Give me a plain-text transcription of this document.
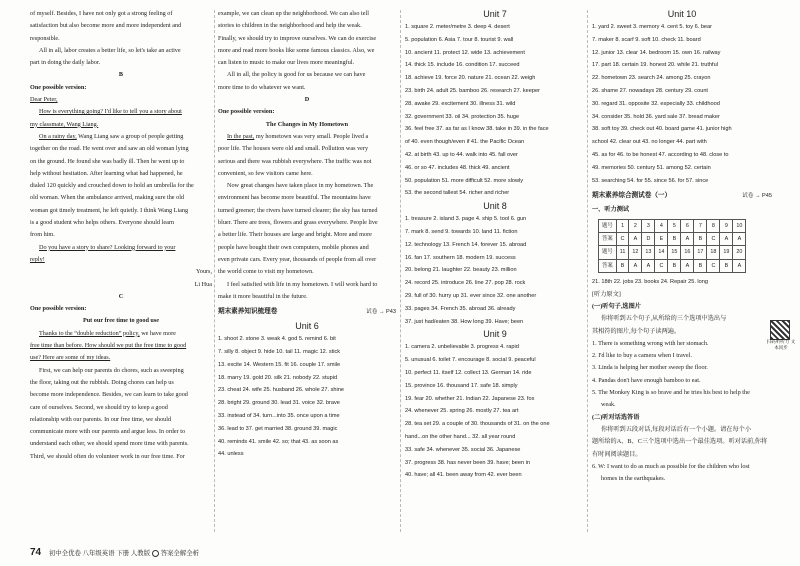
of myself. Besides, I have not only got a strong feeling of

satisfaction but also become more and more independent and

responsible.

All in all, labor creates a better life, so let's take an active

part in doing the daily labor.

B

One possible version:

Dear Peter,

How is everything going? I'd like to tell you a story about

my classmate, Wang Liang.

On a rainy day, Wang Liang saw a group of people getting

together on the road. He went over and saw an old woman lying

on the ground. He found she was badly ill. Then he went up to

help without hesitation. After learning what had happened, he

dialed 120 quickly and crouched down to hold an umbrella for the

old woman. When the ambulance arrived, making sure the old

woman got timely treatment, he left quietly. I think Wang Liang

is a good student who helps others. Everyone should learn

from him.

Do you have a story to share? Looking forward to your

reply!

Yours,

Li Hua

C

One possible version:

Put our free time to good use

Thanks to the “double reduction” policy, we have more

free time than before. How should we put the free time to good

use? Here are some of my ideas.

First, we can help our parents do chores, such as sweeping

the floor, taking out the rubbish. Doing chores can help us

become more independence. Besides, we can learn to take good

care of ourselves. Second, we should try to keep a good

relationship with our parents. In our free time, we should

communicate more with our parents and argue less. In order to

understand each other, we should spend more time with parents.

Third, we should often do volunteer work in our free time. For

example, we can clean up the neighborhood. We can also tell

stories to children in the neighborhood and help the weak.

Finally, we should try to improve ourselves. We can do exercise

more and read more books like some famous classics. Also, we

can listen to music to make our lives more meaningful.

All in all, the policy is good for us because we can have

more time to do whatever we want.

D

One possible version:

The Changes in My Hometown

In the past, my hometown was very small. People lived a

poor life. The houses were old and small. Pollution was very

serious and there was rubbish everywhere. The traffic was not

convenient, so few visitors came here.

Now great changes have taken place in my hometown. The

environment has become more beautiful. The mountains have

turned greener; the rivers have turned clearer; the sky has turned

bluer. There are trees, flowers and grass everywhere. People live

a better life. Their houses are large and bright. More and more

people have bought their own computers, mobile phones and

even private cars. Every year, thousands of people from all over

the world come to visit my hometown.

I feel satisfied with life in my hometown. I will work hard to

make it more beautiful in the future.

期末素养知识梳理卷	试卷 → P43

Unit 6

1. shoot 2. stone 3. weak 4. god 5. remind 6. bit

7. silly 8. object 9. hide 10. tail 11. magic 12. stick

13. excite 14. Western 15. fit 16. couple 17. smile

18. marry 19. gold 20. silk 21. nobody 22. stupid

23. cheat 24. wife 25. husband 26. whole 27. shine

28. bright 29. ground 30. lead 31. voice 32. brave

33. instead of 34. turn...into 35. once upon a time

36. lead to 37. get married 38. ground 39. magic

40. reminds 41. smile 42. so; that 43. as soon as

44. unless

Unit 7

1. square 2. meter/metre 3. deep 4. desert

5. population 6. Asia 7. tour 8. tourist 9. wall

10. ancient 11. protect 12. wide 13. achievement

14. thick 15. include 16. condition 17. succeed

18. achieve 19. force 20. nature 21. ocean 22. weigh

23. birth 24. adult 25. bamboo 26. research 27. keeper

28. awake 29. excitement 30. illness 31. wild

32. government 33. oil 34. protection 35. huge

36. feel free 37. as far as I know 38. take in 39. in the face

of 40. even though/even if 41. the Pacific Ocean

42. at birth 43. up to 44. walk into 45. fall over

46. or so 47. includes 48. thick 49. ancient

50. population 51. more difficult 52. more slowly

53. the second tallest 54. richer and richer

Unit 8

1. treasure 2. island 3. page 4. ship 5. tool 6. gun

7. mark 8. send 9. towards 10. land 11. fiction

12. technology 13. French 14. forever 15. abroad

16. fan 17. southern 18. modern 19. success

20. belong 21. laughter 22. beauty 23. million

24. record 25. introduce 26. line 27. pop 28. rock

29. full of 30. hurry up 31. ever since 32. one another

33. pages 34. French 35. abroad 36. already

37. just had/eaten 38. How long 39. Have; been

Unit 9

1. camera 2. unbelievable 3. progress 4. rapid

5. unusual 6. toilet 7. encourage 8. social 9. peaceful

10. perfect 11. itself 12. collect 13. German 14. ride

15. province 16. thousand 17. safe 18. simply

19. fear 20. whether 21. Indian 22. Japanese 23. fox

24. whenever 25. spring 26. mostly 27. tea art

28. tea set 29. a couple of 30. thousands of 31. on the one

hand...on the other hand... 32. all year round

33. safe 34. whenever 35. social 36. Japanese

37. progress 38. has never been 39. have; been in

40. have; all 41. been away from 42. ever been

Unit 10

1. yard 2. sweet 3. memory 4. cent 5. toy 6. bear

7. maker 8. scarf 9. soft 10. check 11. board

12. junior 13. clear 14. bedroom 15. own 16. railway

17. part 18. certain 19. honest 20. while 21. truthful

22. hometown 23. search 24. among 25. crayon

26. shame 27. nowadays 28. century 29. count

30. regard 31. opposite 32. especially 33. childhood

34. consider 35. hold 36. yard sale 37. bread maker

38. soft toy 39. check out 40. board game 41. junior high

school 42. clear out 43. no longer 44. part with

45. as for 46. to be honest 47. according to 48. close to

49. memories 50. century 51. among 52. certain

53. searching 54. for 55. since 56. for 57. since

期末素养综合测试卷（一）	试卷 → P45

一、听力测试

题号	1	2	3	4	5	6	7	8	9	10
答案	C	A	D	E	B	A	B	C	A	A
题号	11	12	13	14	15	16	17	18	19	20
答案	B	A	A	C	B	A	B	C	B	A

21. 18th 22. jobs 23. books 24. Repair 25. long

[听力原文]

(一)听句子,选图片

你将听到五个句子,从所给的三个选项中选出与

其相符的图片,每个句子读两遍。

1. There is something wrong with her stomach.

2. I'd like to buy a camera when I travel.

3. Linda is helping her mother sweep the floor.

4. Pandas don't have enough bamboo to eat.

5. The Monkey King is so brave and he tries his best to help the

weak.

(二)听对话选答语

你将听到五段对话,每段对话后有一个小题。请在每个小

题所给的A、B、C三个选项中选出一个最佳选项。听对话前,你将

有时间阅读题目。

6. W: I want to do as much as possible for the children who lost

homes in the earthquakes.

扫码听听力 文本同步
74 初中全优卷 八年级英语 下册 人教版 答案全解全析
